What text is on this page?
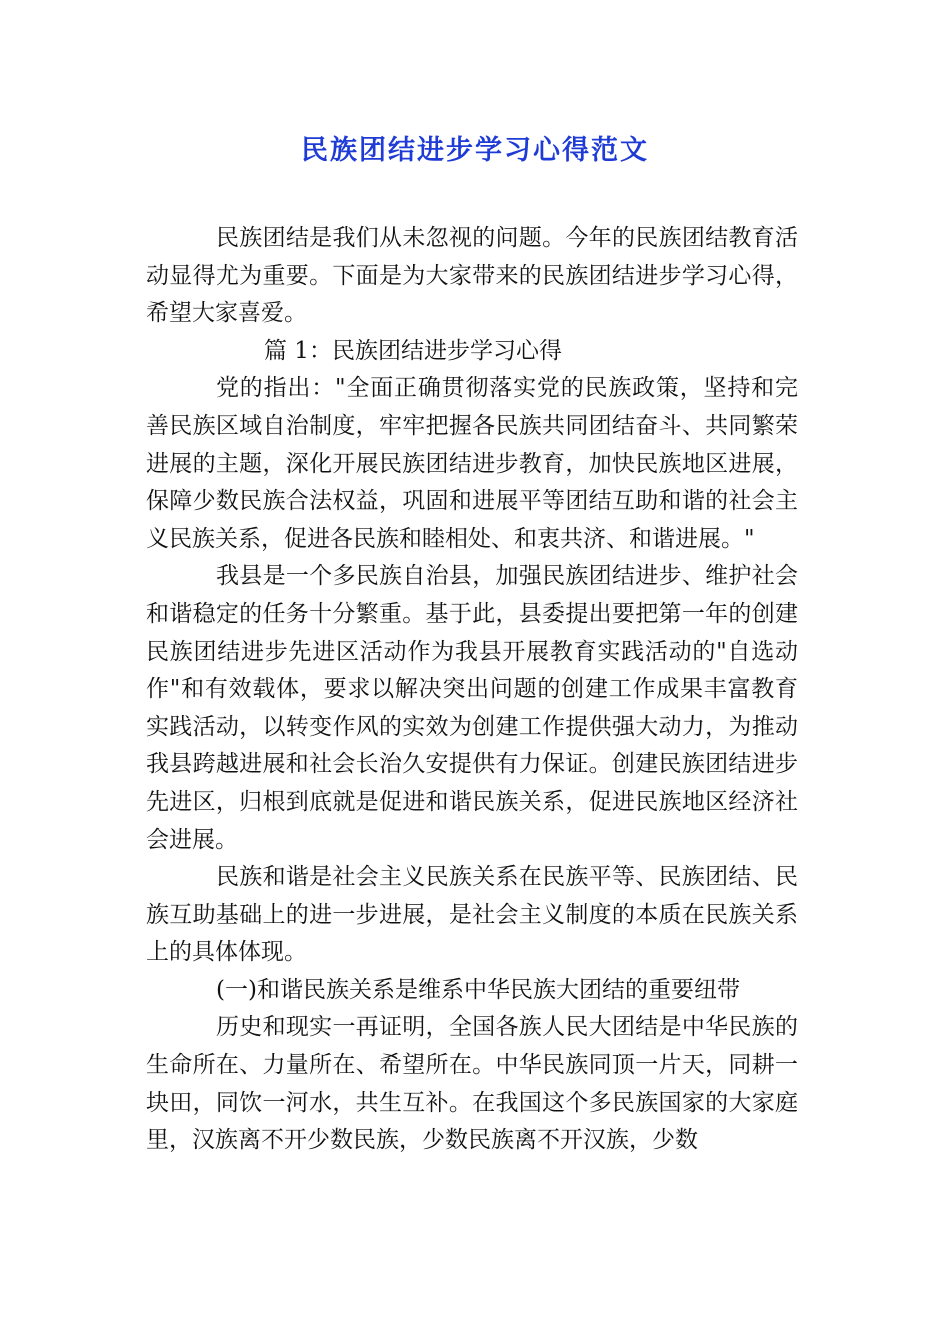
民族团结进步学习心得范文

民族团结是我们从未忽视的问题。今年的民族团结教育活动显得尤为重要。下面是为大家带来的民族团结进步学习心得，希望大家喜爱。

篇 1：民族团结进步学习心得

党的指出："全面正确贯彻落实党的民族政策，坚持和完善民族区域自治制度，牢牢把握各民族共同团结奋斗、共同繁荣进展的主题，深化开展民族团结进步教育，加快民族地区进展，保障少数民族合法权益，巩固和进展平等团结互助和谐的社会主义民族关系，促进各民族和睦相处、和衷共济、和谐进展。"

我县是一个多民族自治县，加强民族团结进步、维护社会和谐稳定的任务十分繁重。基于此，县委提出要把第一年的创建民族团结进步先进区活动作为我县开展教育实践活动的"自选动作"和有效载体，要求以解决突出问题的创建工作成果丰富教育实践活动，以转变作风的实效为创建工作提供强大动力，为推动我县跨越进展和社会长治久安提供有力保证。创建民族团结进步先进区，归根到底就是促进和谐民族关系，促进民族地区经济社会进展。

民族和谐是社会主义民族关系在民族平等、民族团结、民族互助基础上的进一步进展，是社会主义制度的本质在民族关系上的具体体现。

(一)和谐民族关系是维系中华民族大团结的重要纽带

历史和现实一再证明，全国各族人民大团结是中华民族的生命所在、力量所在、希望所在。中华民族同顶一片天，同耕一块田，同饮一河水，共生互补。在我国这个多民族国家的大家庭里，汉族离不开少数民族，少数民族离不开汉族，少数
